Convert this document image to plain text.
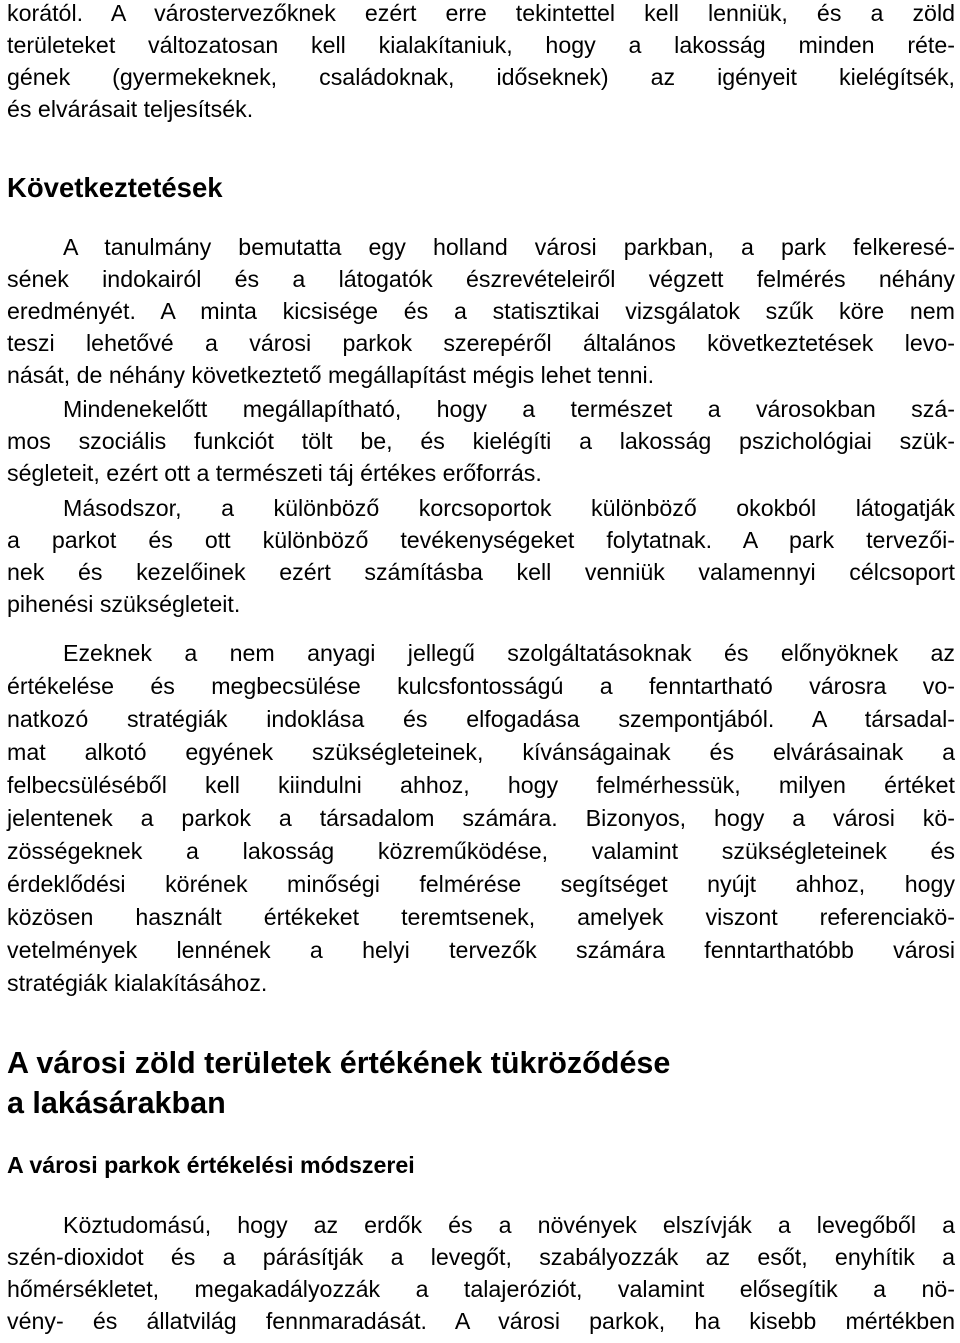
korától. A várostervezőknek ezért erre tekintettel kell lenniük, és a zöld
területeket változatosan kell kialakítaniuk, hogy a lakosság minden réte-
gének (gyermekeknek, családoknak, időseknek) az igényeit kielégítsék,
és elvárásait teljesítsék.
Következtetések
A tanulmány bemutatta egy holland városi parkban, a park felkeresé-
sének indokairól és a látogatók észrevételeiről végzett felmérés néhány
eredményét. A minta kicsisége és a statisztikai vizsgálatok szűk köre nem
teszi lehetővé a városi parkok szerepéről általános következtetések levo-
nását, de néhány következtető megállapítást mégis lehet tenni.
Mindenekelőtt megállapítható, hogy a természet a városokban szá-
mos szociális funkciót tölt be, és kielégíti a lakosság pszichológiai szük-
ségleteit, ezért ott a természeti táj értékes erőforrás.
Másodszor, a különböző korcsoportok különböző okokból látogatják
a parkot és ott különböző tevékenységeket folytatnak. A park tervezői-
nek és kezelőinek ezért számításba kell venniük valamennyi célcsoport
pihenési szükségleteit.
Ezeknek a nem anyagi jellegű szolgáltatásoknak és előnyöknek az
értékelése és megbecsülése kulcsfontosságú a fenntartható városra vo-
natkozó stratégiák indoklása és elfogadása szempontjából. A társadal-
mat alkotó egyének szükségleteinek, kívánságainak és elvárásainak a
felbecsüléséből kell kiindulni ahhoz, hogy felmérhessük, milyen értéket
jelentenek a parkok a társadalom számára. Bizonyos, hogy a városi kö-
zösségeknek a lakosság közreműködése, valamint szükségleteinek és
érdeklődési körének minőségi felmérése segítséget nyújt ahhoz, hogy
közösen használt értékeket teremtsenek, amelyek viszont referenciakö-
vetelmények lennének a helyi tervezők számára fenntarthatóbb városi
stratégiák kialakításához.
A városi zöld területek értékének tükröződése
a lakásárakban
A városi parkok értékelési módszerei
Köztudomású, hogy az erdők és a növények elszívják a levegőből a
szén-dioxidot és a párásítják a levegőt, szabályozzák az esőt, enyhítik a
hőmérsékletet, megakadályozzák a talajeróziót, valamint elősegítik a nö-
vény- és állatvilág fennmaradását. A városi parkok, ha kisebb mértékben
